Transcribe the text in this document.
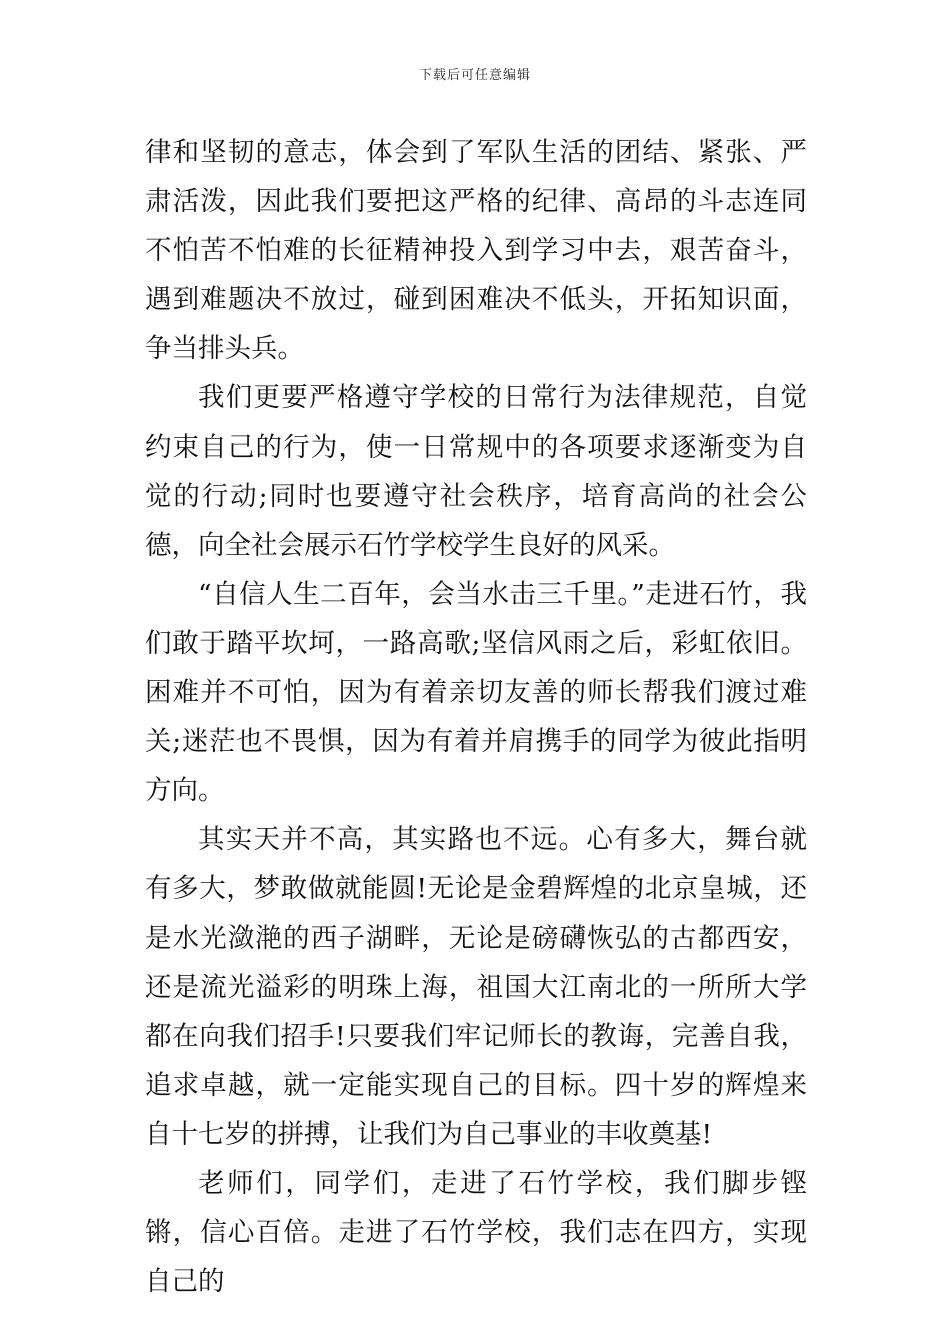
下载后可任意编辑

律和坚韧的意志，体会到了军队生活的团结、紧张、严肃活泼，因此我们要把这严格的纪律、高昂的斗志连同不怕苦不怕难的长征精神投入到学习中去，艰苦奋斗，遇到难题决不放过，碰到困难决不低头，开拓知识面，争当排头兵。

我们更要严格遵守学校的日常行为法律规范，自觉约束自己的行为，使一日常规中的各项要求逐渐变为自觉的行动;同时也要遵守社会秩序，培育高尚的社会公德，向全社会展示石竹学校学生良好的风采。

“自信人生二百年，会当水击三千里。”走进石竹，我们敢于踏平坎坷，一路高歌;坚信风雨之后，彩虹依旧。困难并不可怕，因为有着亲切友善的师长帮我们渡过难关;迷茫也不畏惧，因为有着并肩携手的同学为彼此指明方向。

其实天并不高，其实路也不远。心有多大，舞台就有多大，梦敢做就能圆!无论是金碧辉煌的北京皇城，还是水光潋滟的西子湖畔，无论是磅礴恢弘的古都西安，还是流光溢彩的明珠上海，祖国大江南北的一所所大学都在向我们招手!只要我们牢记师长的教诲，完善自我，追求卓越，就一定能实现自己的目标。四十岁的辉煌来自十七岁的拼搏，让我们为自己事业的丰收奠基!

老师们，同学们，走进了石竹学校，我们脚步铿锵，信心百倍。走进了石竹学校，我们志在四方，实现自己的
